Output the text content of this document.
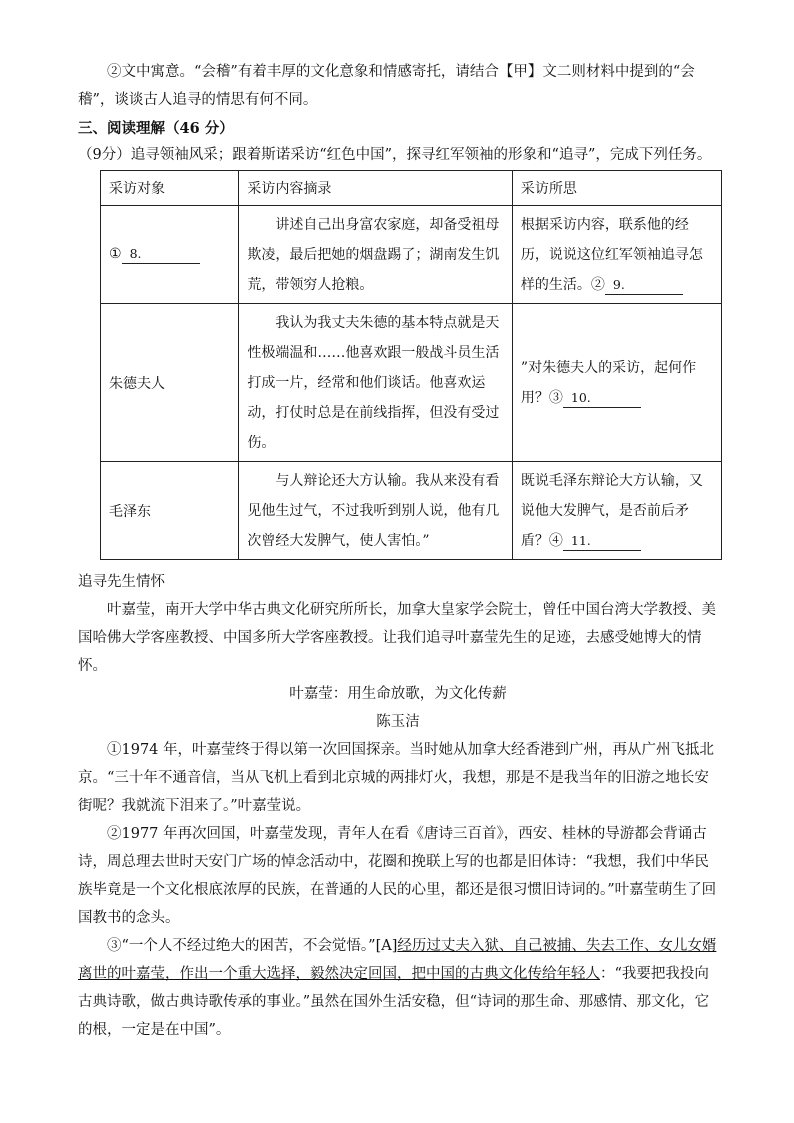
②文中寓意。“会稽”有着丰厚的文化意象和情感寄托，请结合【甲】文二则材料中提到的“会稽”，谈谈古人追寻的情思有何不同。

三、阅读理解（46 分）

（9分）追寻领袖风采；跟着斯诺采访“红色中国”，探寻红军领袖的形象和“追寻”，完成下列任务。

采访对象	采访内容摘录	采访所思
① 8.	讲述自己出身富农家庭，却备受祖母欺凌，最后把她的烟盘踢了；湖南发生饥荒，带领穷人抢粮。	根据采访内容，联系他的经历，说说这位红军领袖追寻怎样的生活。② 9.
朱德夫人	我认为我丈夫朱德的基本特点就是天性极端温和……他喜欢跟一般战斗员生活打成一片，经常和他们谈话。他喜欢运动，打仗时总是在前线指挥，但没有受过伤。	”对朱德夫人的采访，起何作用？③ 10.
毛泽东	与人辩论还大方认输。我从来没有看见他生过气，不过我听到别人说，他有几次曾经大发脾气，使人害怕。”	既说毛泽东辩论大方认输，又说他大发脾气，是否前后矛盾？④ 11.

追寻先生情怀

叶嘉莹，南开大学中华古典文化研究所所长，加拿大皇家学会院士，曾任中国台湾大学教授、美国哈佛大学客座教授、中国多所大学客座教授。让我们追寻叶嘉莹先生的足迹，去感受她博大的情怀。

叶嘉莹：用生命放歌，为文化传薪

陈玉洁

①1974 年，叶嘉莹终于得以第一次回国探亲。当时她从加拿大经香港到广州，再从广州飞抵北京。“三十年不通音信，当从飞机上看到北京城的两排灯火，我想，那是不是我当年的旧游之地长安街呢？我就流下泪来了。”叶嘉莹说。

②1977 年再次回国，叶嘉莹发现，青年人在看《唐诗三百首》，西安、桂林的导游都会背诵古诗，周总理去世时天安门广场的悼念活动中，花圈和挽联上写的也都是旧体诗：“我想，我们中华民族毕竟是一个文化根底浓厚的民族，在普通的人民的心里，都还是很习惯旧诗词的。”叶嘉莹萌生了回国教书的念头。

③“一个人不经过绝大的困苦，不会觉悟。”[A]经历过丈夫入狱、自己被捕、失去工作、女儿女婿离世的叶嘉莹，作出一个重大选择，毅然决定回国，把中国的古典文化传给年轻人：“我要把我投向古典诗歌，做古典诗歌传承的事业。”虽然在国外生活安稳，但“诗词的那生命、那感情、那文化，它的根，一定是在中国”。
